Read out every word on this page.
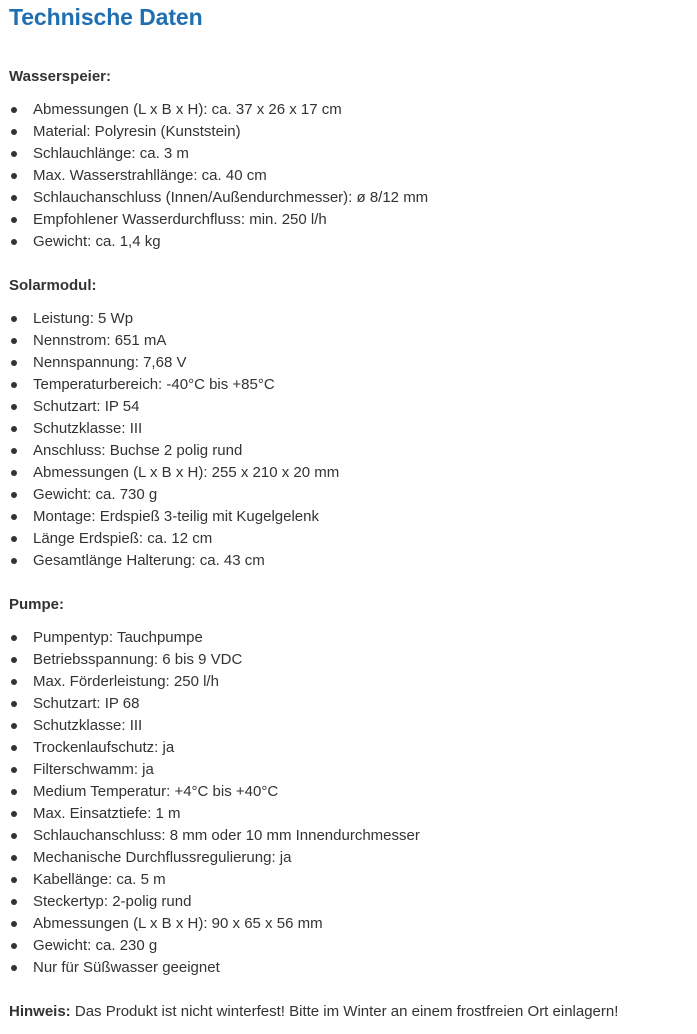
Technische Daten
Wasserspeier:
Abmessungen (L x B x H): ca. 37 x 26 x 17 cm
Material: Polyresin (Kunststein)
Schlauchlänge: ca. 3 m
Max. Wasserstrahllänge: ca. 40 cm
Schlauchanschluss (Innen/Außendurchmesser): ø 8/12 mm
Empfohlener Wasserdurchfluss: min. 250 l/h
Gewicht: ca. 1,4 kg
Solarmodul:
Leistung: 5 Wp
Nennstrom: 651 mA
Nennspannung: 7,68 V
Temperaturbereich: -40°C bis +85°C
Schutzart: IP 54
Schutzklasse: III
Anschluss: Buchse 2 polig rund
Abmessungen (L x B x H): 255 x 210 x 20 mm
Gewicht: ca. 730 g
Montage: Erdspieß 3-teilig mit Kugelgelenk
Länge Erdspieß: ca. 12 cm
Gesamtlänge Halterung: ca. 43 cm
Pumpe:
Pumpentyp: Tauchpumpe
Betriebsspannung: 6 bis 9 VDC
Max. Förderleistung: 250 l/h
Schutzart: IP 68
Schutzklasse: III
Trockenlaufschutz: ja
Filterschwamm: ja
Medium Temperatur: +4°C bis +40°C
Max. Einsatztiefe: 1 m
Schlauchanschluss: 8 mm oder 10 mm Innendurchmesser
Mechanische Durchflussregulierung: ja
Kabellänge: ca. 5 m
Steckertyp: 2-polig rund
Abmessungen (L x B x H): 90 x 65 x 56 mm
Gewicht: ca. 230 g
Nur für Süßwasser geeignet

Hinweis: Das Produkt ist nicht winterfest! Bitte im Winter an einem frostfreien Ort einlagern!
